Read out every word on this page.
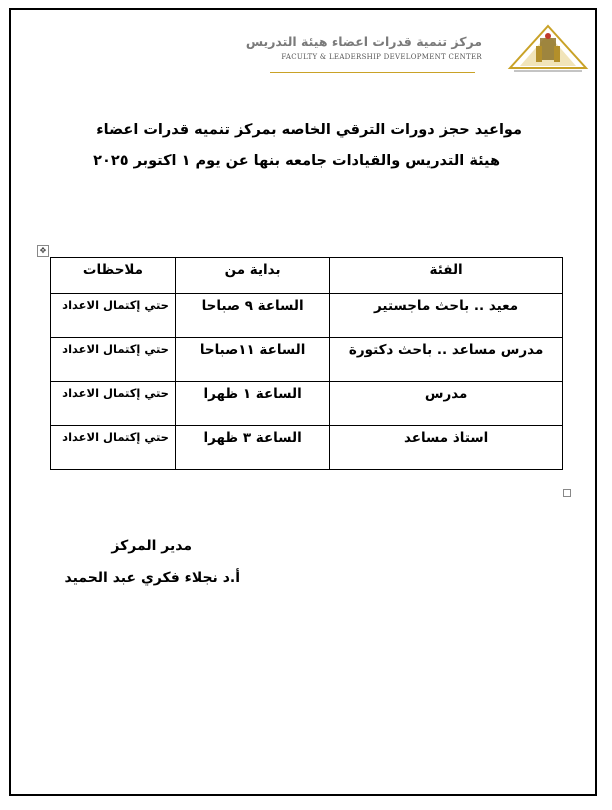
مركز تنمية قدرات اعضاء هيئة التدريس
FACULTY & LEADERSHIP DEVELOPMENT CENTER
مواعيد حجز دورات الترقي الخاصه بمركز تنميه قدرات اعضاء
هيئة التدريس والقيادات جامعه بنها عن يوم ١ اكتوبر ٢٠٢٥
✥
الفئة	بداية من	ملاحظات
معيد .. باحث ماجستير	الساعة ٩ صباحا	حتي إكتمال الاعداد
مدرس مساعد .. باحث دكتورة	الساعة ١١صباحا	حتي إكتمال الاعداد
مدرس	الساعة ١ ظهرا	حتي إكتمال الاعداد
استاذ مساعد	الساعة ٣ ظهرا	حتي إكتمال الاعداد
مدير المركز
أ.د نجلاء فكري عبد الحميد
